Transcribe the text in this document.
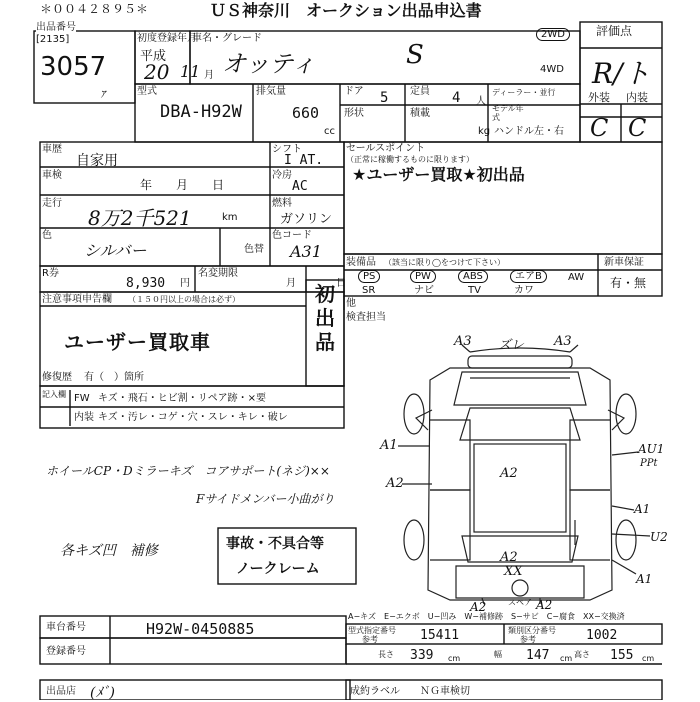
＊００４２８９５＊	ＵＳ神奈川　オークション出品申込書
出品番号
[2135]
3057
ｧ
初度登録年月
平成
20 11 月
車名・グレード
オッティ	S
2WD
4WD
評価点
R/ト
外装 内装
C C
型式
DBA-H92W
排気量
660
cc
ドア 5 定員 4 人
ディーラー・並行
形状	積載
kg
モデル年式
ハンドル 左・右
車歴
自家用
シフト
I AT.
車検
年　　月　　日
冷房
AC
走行
8万2千521	km
燃料
ガソリン
色
シルバー	色替
色コード
A31
R券
8,930 円
名変期限
月	日
注意事項申告欄 （１５０円以上の場合は必ず）
ユーザー買取車
初出品
修復歴 有（　）箇所
記入欄 FW キズ・飛石・ヒビ割・リペア跡・×要
内装 キズ・汚レ・コゲ・穴・スレ・キレ・破レ
セールスポイント
（正常に稼働するものに限ります）
★ユーザー買取★初出品
装備品 （該当に限り◯をつけて下さい）	新車保証
有・無
PS	PW	ABS	エアB	AW
SR	ナビ	TV	カワ
他
検査担当
ホイールCP・Dミラーキズ　コアサポート(ネジ)××
Fサイドメンバー小曲がり
各キズ凹　補修	事故・不具合等
ノークレーム
A3 ズレ A3
A1
A2
A2
A2
XX
AU1
PPt
A1
U2
A1
A2	A2
スペア
A−キズ　E−エクボ　U−凹み　W−補修跡　S−サビ　C−腐食　XX−交換済
車台番号	H92W-0450885
登録番号
型式指定番号
参考	15411	類別区分番号
参考	1002
長さ 339 cm	幅 147 cm 高さ 155 cm
出品店 (ﾒﾞ)	成約ラベル ＮＧ車検切
